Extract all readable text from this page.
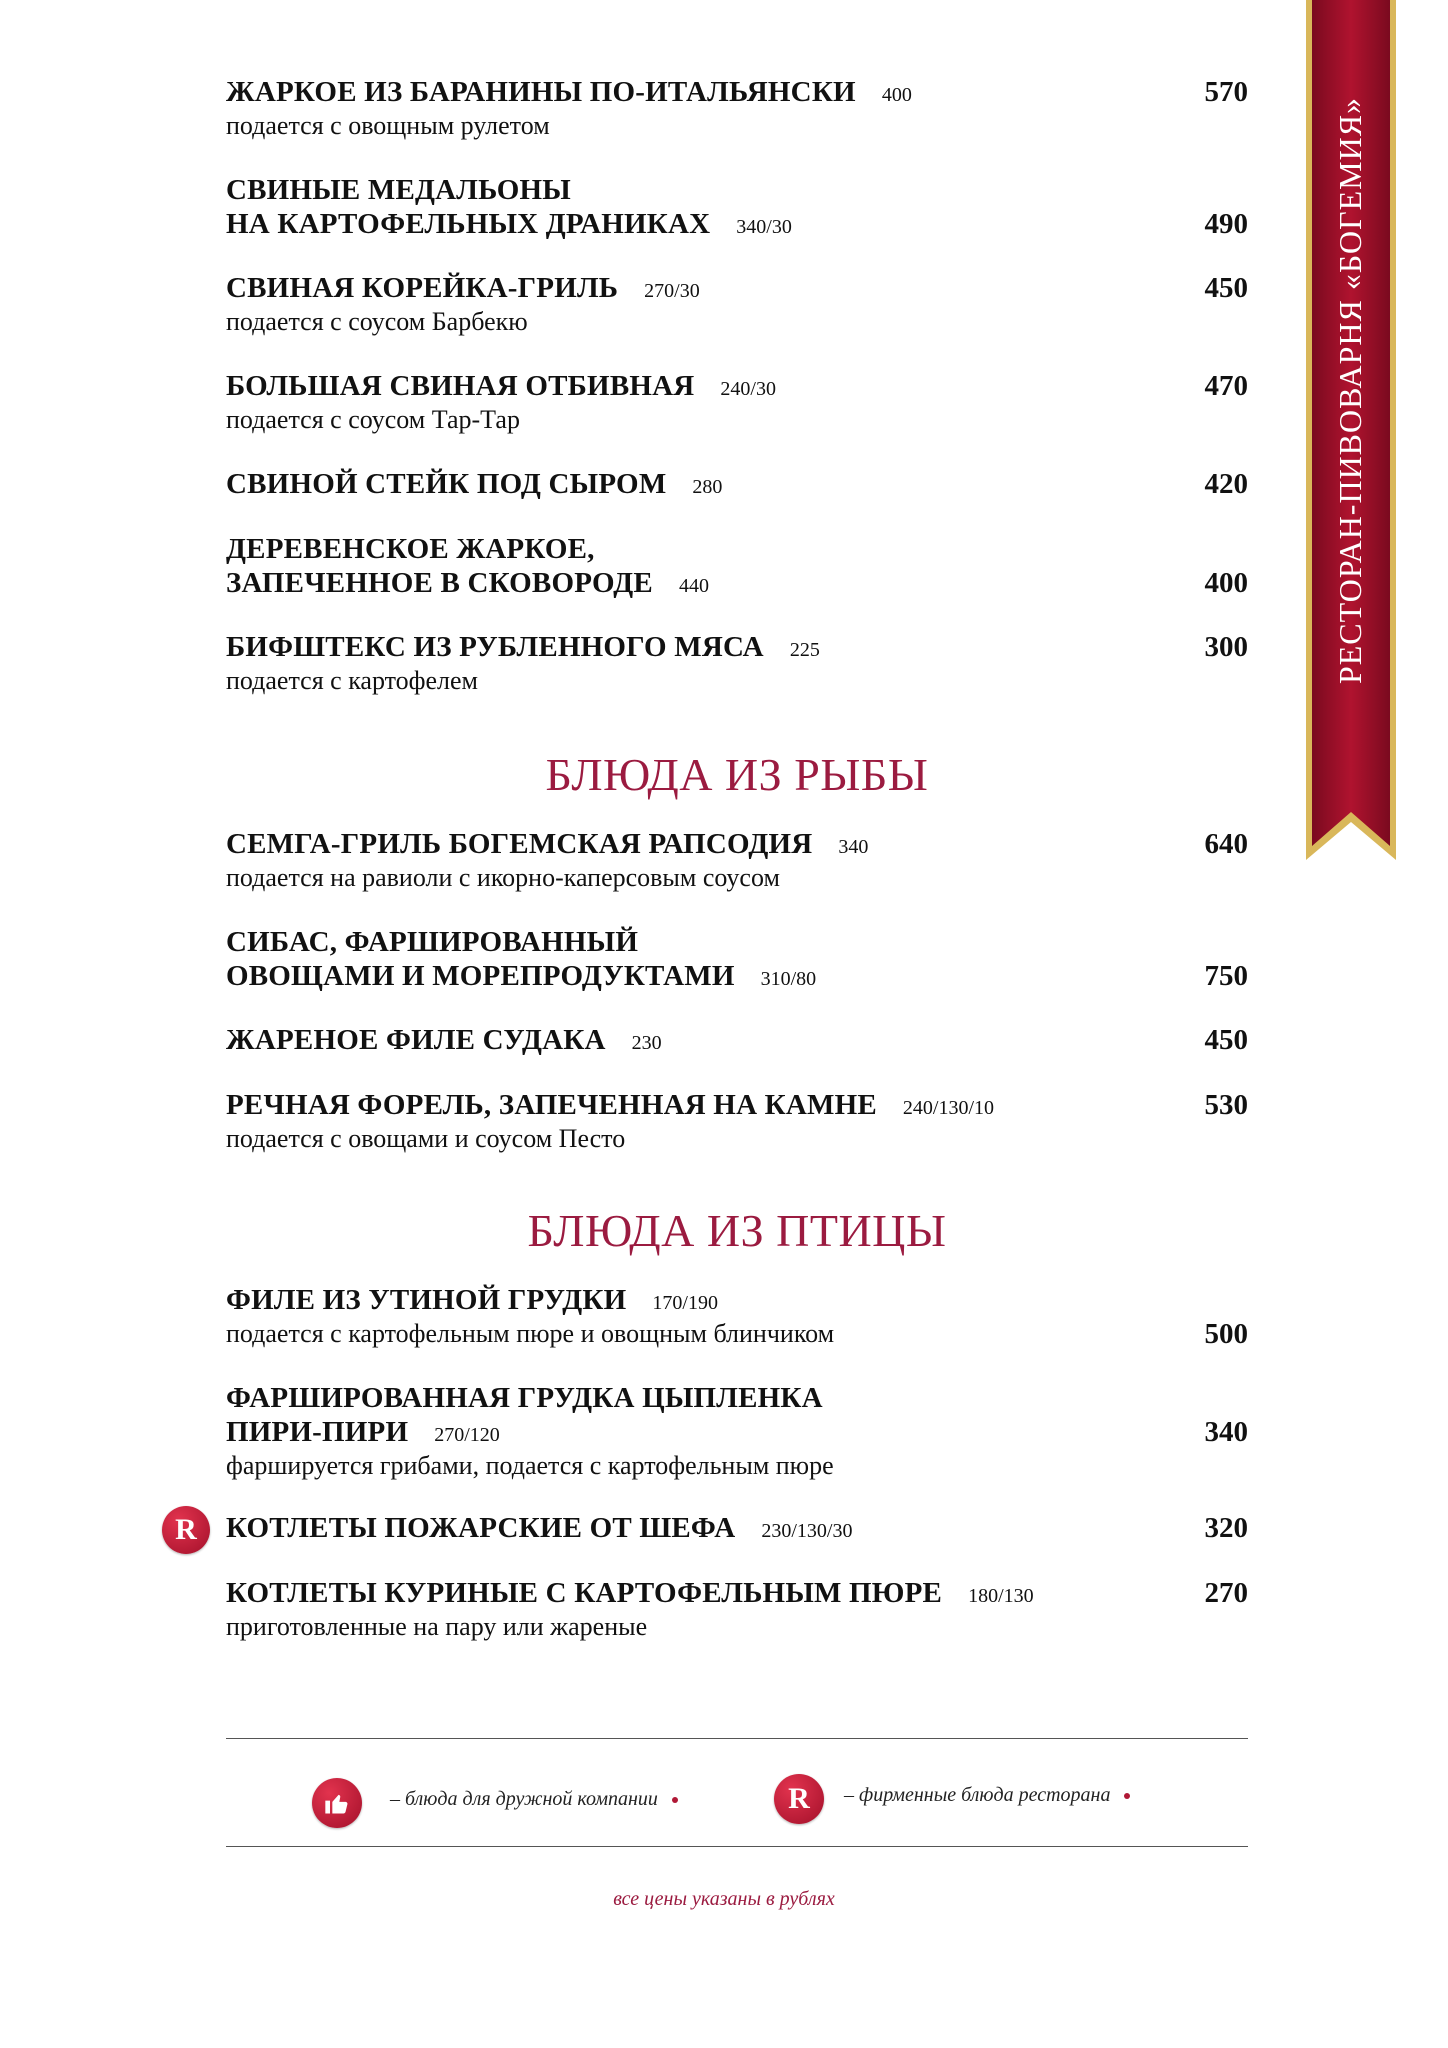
РЕСТОРАН-ПИВОВАРНЯ «БОГЕМИЯ»
ЖАРКОЕ ИЗ БАРАНИНЫ ПО-ИТАЛЬЯНСКИ 400	570
подается с овощным рулетом
СВИНЫЕ МЕДАЛЬОНЫ
НА КАРТОФЕЛЬНЫХ ДРАНИКАХ 340/30	490
СВИНАЯ КОРЕЙКА-ГРИЛЬ 270/30	450
подается с соусом Барбекю
БОЛЬШАЯ СВИНАЯ ОТБИВНАЯ 240/30	470
подается с соусом Тар-Тар
СВИНОЙ СТЕЙК ПОД СЫРОМ 280	420
ДЕРЕВЕНСКОЕ ЖАРКОЕ,
ЗАПЕЧЕННОЕ В СКОВОРОДЕ 440	400
БИФШТЕКС ИЗ РУБЛЕННОГО МЯСА 225	300
подается с картофелем
БЛЮДА ИЗ РЫБЫ
СЕМГА-ГРИЛЬ БОГЕМСКАЯ РАПСОДИЯ 340	640
подается на равиоли с икорно-каперсовым соусом
СИБАС, ФАРШИРОВАННЫЙ
ОВОЩАМИ И МОРЕПРОДУКТАМИ 310/80	750
ЖАРЕНОЕ ФИЛЕ СУДАКА 230	450
РЕЧНАЯ ФОРЕЛЬ, ЗАПЕЧЕННАЯ НА КАМНЕ 240/130/10	530
подается с овощами и соусом Песто
БЛЮДА ИЗ ПТИЦЫ
ФИЛЕ ИЗ УТИНОЙ ГРУДКИ 170/190
подается с картофельным пюре и овощным блинчиком	500
ФАРШИРОВАННАЯ ГРУДКА ЦЫПЛЕНКА
ПИРИ-ПИРИ 270/120	340
фаршируется грибами, подается с картофельным пюре
R	КОТЛЕТЫ ПОЖАРСКИЕ ОТ ШЕФА 230/130/30	320
КОТЛЕТЫ КУРИНЫЕ С КАРТОФЕЛЬНЫМ ПЮРЕ 180/130	270
приготовленные на пару или жареные
– блюда для дружной компании	R	– фирменные блюда ресторана
все цены указаны в рублях
